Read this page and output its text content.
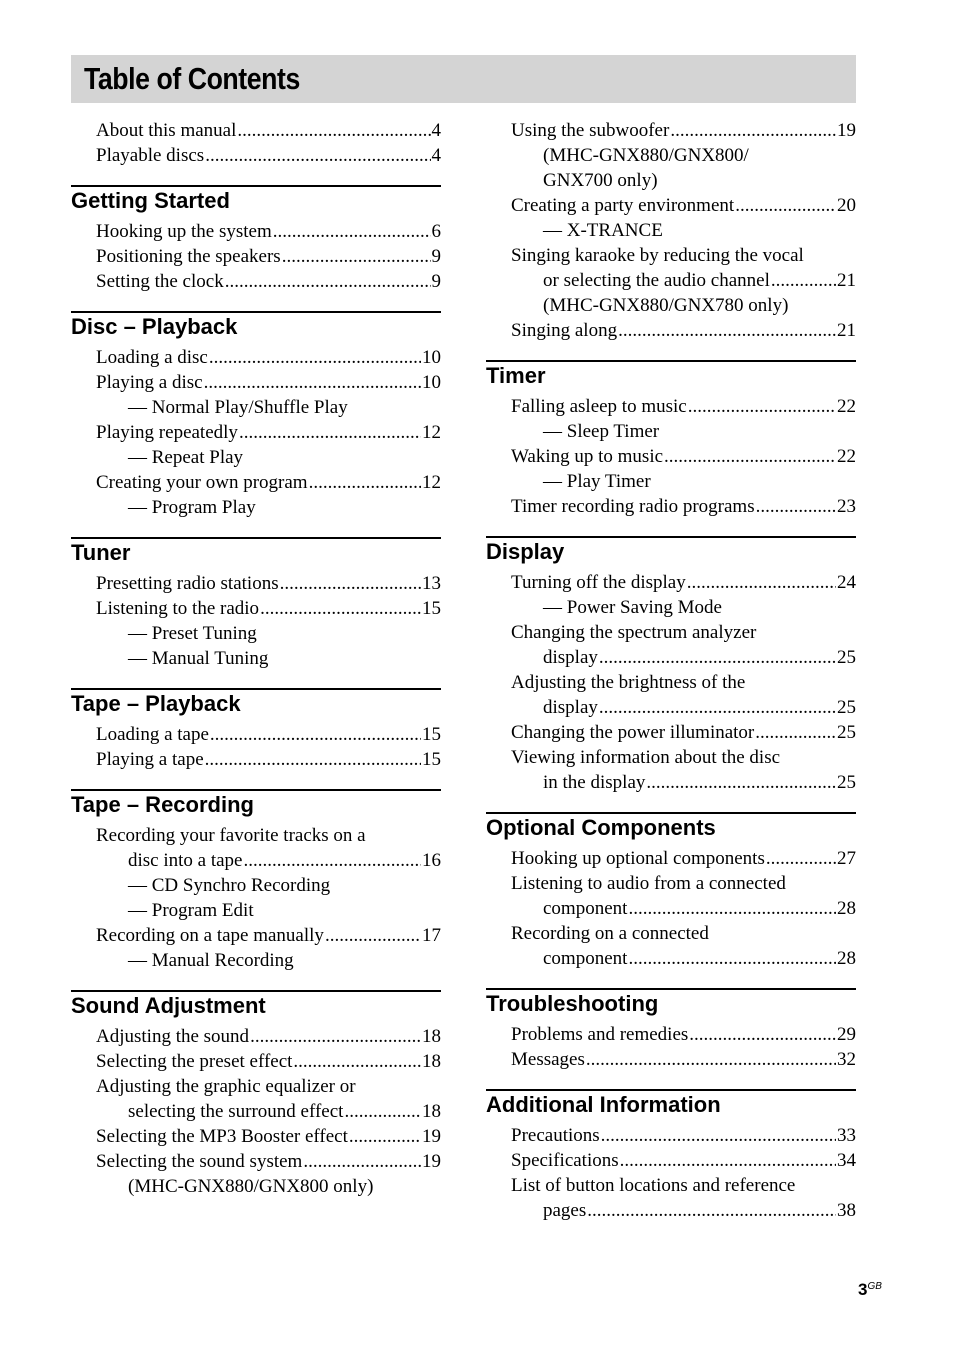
Table of Contents
About this manual .....	4
Playable discs .....	4
Getting Started
Hooking up the system .....	6
Positioning the speakers .....	9
Setting the clock .....	9
Disc – Playback
Loading a disc .....	10
Playing a disc .....	10
— Normal Play/Shuffle Play
Playing repeatedly .....	12
— Repeat Play
Creating your own program .....	12
— Program Play
Tuner
Presetting radio stations .....	13
Listening to the radio .....	15
— Preset Tuning
— Manual Tuning
Tape – Playback
Loading a tape .....	15
Playing a tape .....	15
Tape – Recording
Recording your favorite tracks on a
disc into a tape .....	16
— CD Synchro Recording
— Program Edit
Recording on a tape manually .....	17
— Manual Recording
Sound Adjustment
Adjusting the sound .....	18
Selecting the preset effect .....	18
Adjusting the graphic equalizer or
selecting the surround effect .....	18
Selecting the MP3 Booster effect .....	19
Selecting the sound system .....	19
(MHC-GNX880/GNX800 only)
Using the subwoofer .....	19
(MHC-GNX880/GNX800/
GNX700 only)
Creating a party environment .....	20
— X-TRANCE
Singing karaoke by reducing the vocal
or selecting the audio channel .....	21
(MHC-GNX880/GNX780 only)
Singing along .....	21
Timer
Falling asleep to music .....	22
— Sleep Timer
Waking up to music .....	22
— Play Timer
Timer recording radio programs .....	23
Display
Turning off the display .....	24
— Power Saving Mode
Changing the spectrum analyzer
display .....	25
Adjusting the brightness of the
display .....	25
Changing the power illuminator .....	25
Viewing information about the disc
in the display .....	25
Optional Components
Hooking up optional components .....	27
Listening to audio from a connected
component .....	28
Recording on a connected
component .....	28
Troubleshooting
Problems and remedies .....	29
Messages .....	32
Additional Information
Precautions .....	33
Specifications .....	34
List of button locations and reference
pages .....	38
$3^{GB}$
